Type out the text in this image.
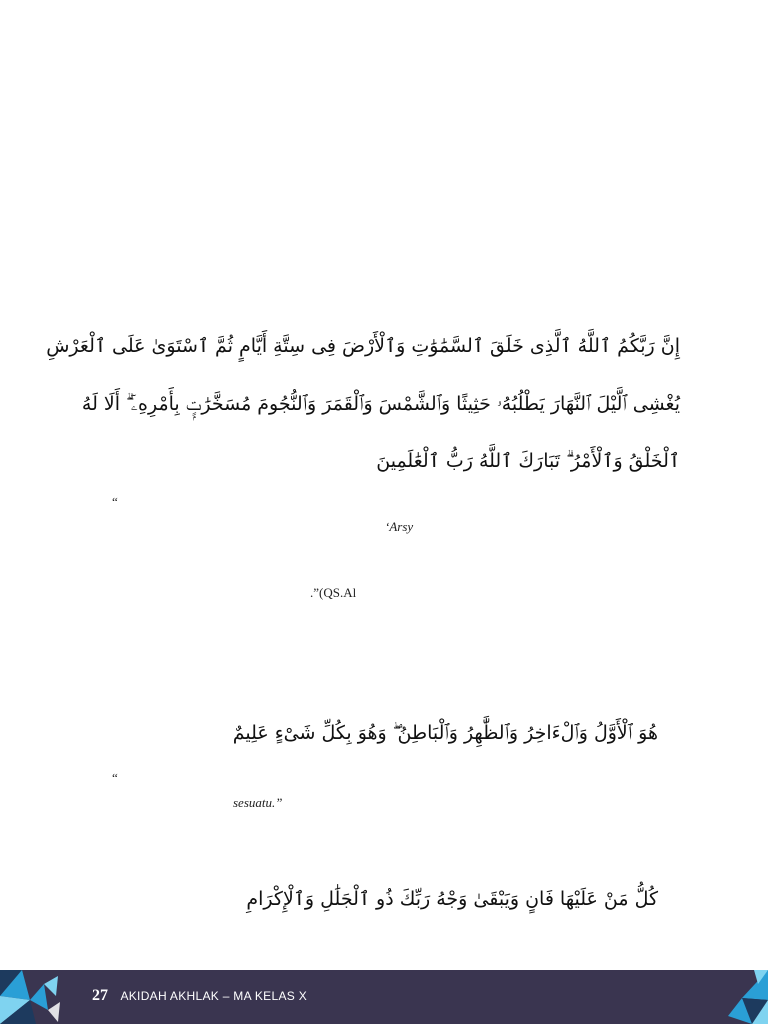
إِنَّ رَبَّكُمُ ٱللَّهُ ٱلَّذِى خَلَقَ ٱلسَّمَٰوَٰتِ وَٱلْأَرْضَ فِى سِتَّةِ أَيَّامٍ ثُمَّ ٱسْتَوَىٰ عَلَى ٱلْعَرْشِ
يُغْشِى ٱلَّيْلَ ٱلنَّهَارَ يَطْلُبُهُۥ حَثِيثًا وَٱلشَّمْسَ وَٱلْقَمَرَ وَٱلنُّجُومَ مُسَخَّرَٰتٍۭ بِأَمْرِهِۦٓ ۗ أَلَا لَهُ
ٱلْخَلْقُ وَٱلْأَمْرُ ۗ تَبَارَكَ ٱللَّهُ رَبُّ ٱلْعَٰلَمِينَ
“
‘Arsy
.”(QS.Al
هُوَ ٱلْأَوَّلُ وَٱلْءَاخِرُ وَٱلظَّٰهِرُ وَٱلْبَاطِنُ ۖ وَهُوَ بِكُلِّ شَىْءٍ عَلِيمٌ
“
sesuatu.”
كُلُّ مَنْ عَلَيْهَا فَانٍ وَيَبْقَىٰ وَجْهُ رَبِّكَ ذُو ٱلْجَلَٰلِ وَٱلْإِكْرَامِ
27 AKIDAH AKHLAK – MA KELAS X
